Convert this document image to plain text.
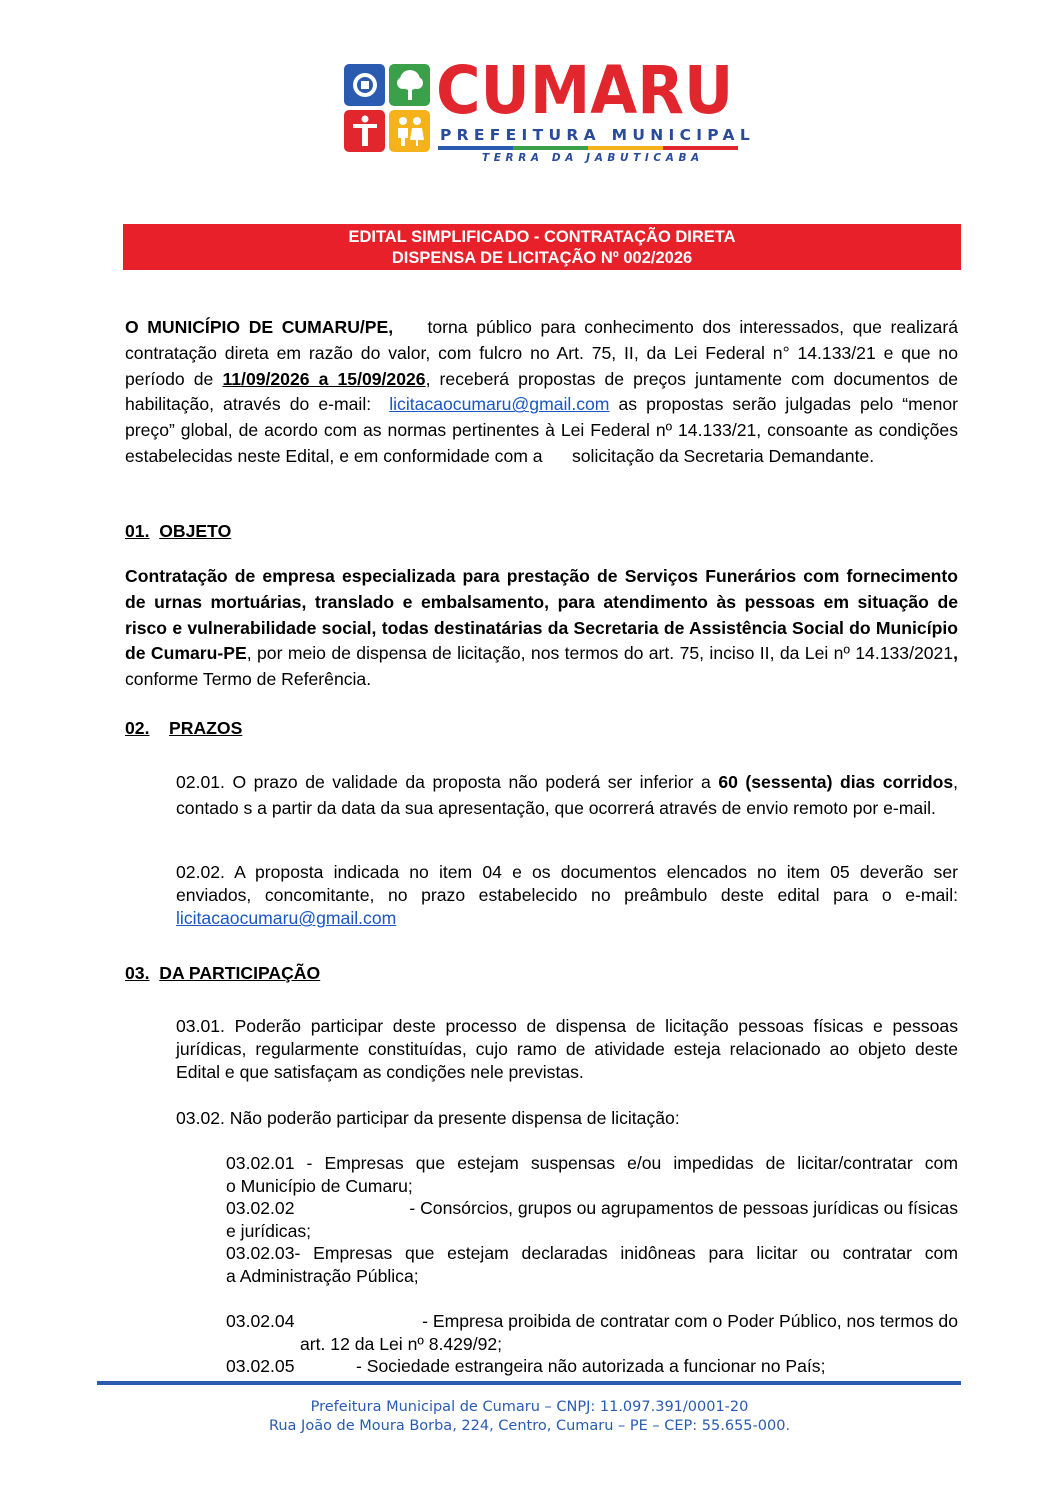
CUMARU
PREFEITURA MUNICIPAL
TERRA DA JABUTICABA
EDITAL SIMPLIFICADO - CONTRATAÇÃO DIRETA
DISPENSA DE LICITAÇÃO Nº 002/2026
O MUNICÍPIO DE CUMARU/PE, torna público para conhecimento dos interessados, que realizará contratação direta em razão do valor, com fulcro no Art. 75, II, da Lei Federal n° 14.133/21 e que no período de 11/09/2026 a 15/09/2026, receberá propostas de preços juntamente com documentos de habilitação, através do e-mail: licitacaocumaru@gmail.com as propostas serão julgadas pelo “menor preço” global, de acordo com as normas pertinentes à Lei Federal nº 14.133/21, consoante as condições estabelecidas neste Edital, e em conformidade com a solicitação da Secretaria Demandante.
01. OBJETO
Contratação de empresa especializada para prestação de Serviços Funerários com fornecimento de urnas mortuárias, translado e embalsamento, para atendimento às pessoas em situação de risco e vulnerabilidade social, todas destinatárias da Secretaria de Assistência Social do Município de Cumaru-PE, por meio de dispensa de licitação, nos termos do art. 75, inciso II, da Lei nº 14.133/2021, conforme Termo de Referência.
02. PRAZOS
02.01. O prazo de validade da proposta não poderá ser inferior a 60 (sessenta) dias corridos, contado s a partir da data da sua apresentação, que ocorrerá através de envio remoto por e-mail.
02.02. A proposta indicada no item 04 e os documentos elencados no item 05 deverão ser enviados, concomitante, no prazo estabelecido no preâmbulo deste edital para o e-mail: licitacaocumaru@gmail.com
03. DA PARTICIPAÇÃO
03.01. Poderão participar deste processo de dispensa de licitação pessoas físicas e pessoas jurídicas, regularmente constituídas, cujo ramo de atividade esteja relacionado ao objeto deste Edital e que satisfaçam as condições nele previstas.
03.02. Não poderão participar da presente dispensa de licitação:
03.02.01 - Empresas que estejam suspensas e/ou impedidas de licitar/contratar com
o Município de Cumaru;
03.02.02	- Consórcios, grupos ou agrupamentos de pessoas jurídicas ou físicas
e jurídicas;
03.02.03- Empresas que estejam declaradas inidôneas para licitar ou contratar com
a Administração Pública;
03.02.04	- Empresa proibida de contratar com o Poder Público, nos termos do
art. 12 da Lei nº 8.429/92;
03.02.05	- Sociedade estrangeira não autorizada a funcionar no País;
Prefeitura Municipal de Cumaru – CNPJ: 11.097.391/0001-20
Rua João de Moura Borba, 224, Centro, Cumaru – PE – CEP: 55.655-000.
